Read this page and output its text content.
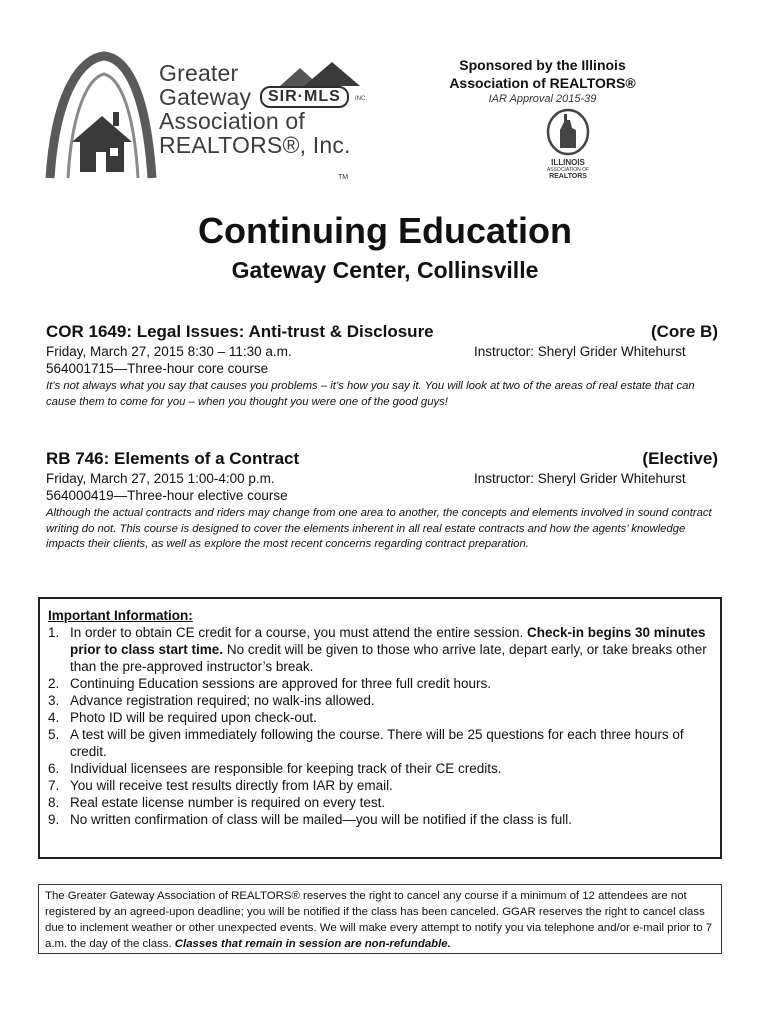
Greater
Gateway	SIR·MLS	INC.
Association of
REALTORS®, Inc.
TM
Sponsored by the Illinois
Association of REALTORS®
IAR Approval 2015-39
ILLINOIS
ASSOCIATION OF
REALTORS
Continuing Education
Gateway Center, Collinsville
COR 1649: Legal Issues: Anti-trust & Disclosure	(Core B)
Friday, March 27, 2015 8:30 – 11:30 a.m.	Instructor: Sheryl Grider Whitehurst
564001715—Three-hour core course
It’s not always what you say that causes you problems – it’s how you say it. You will look at two of the areas of real estate that can cause them to come for you – when you thought you were one of the good guys!
RB 746: Elements of a Contract	(Elective)
Friday, March 27, 2015 1:00-4:00 p.m.	Instructor: Sheryl Grider Whitehurst
564000419—Three-hour elective course
Although the actual contracts and riders may change from one area to another, the concepts and elements involved in sound contract writing do not. This course is designed to cover the elements inherent in all real estate contracts and how the agents’ knowledge impacts their clients, as well as explore the most recent concerns regarding contract preparation.
Important Information:
1. In order to obtain CE credit for a course, you must attend the entire session. Check-in begins 30 minutes prior to class start time. No credit will be given to those who arrive late, depart early, or take breaks other than the pre-approved instructor’s break.
2. Continuing Education sessions are approved for three full credit hours.
3. Advance registration required; no walk-ins allowed.
4. Photo ID will be required upon check-out.
5. A test will be given immediately following the course. There will be 25 questions for each three hours of credit.
6. Individual licensees are responsible for keeping track of their CE credits.
7. You will receive test results directly from IAR by email.
8. Real estate license number is required on every test.
9. No written confirmation of class will be mailed—you will be notified if the class is full.
The Greater Gateway Association of REALTORS® reserves the right to cancel any course if a minimum of 12 attendees are not registered by an agreed-upon deadline; you will be notified if the class has been canceled. GGAR reserves the right to cancel class due to inclement weather or other unexpected events. We will make every attempt to notify you via telephone and/or e-mail prior to 7 a.m. the day of the class. Classes that remain in session are non-refundable.
